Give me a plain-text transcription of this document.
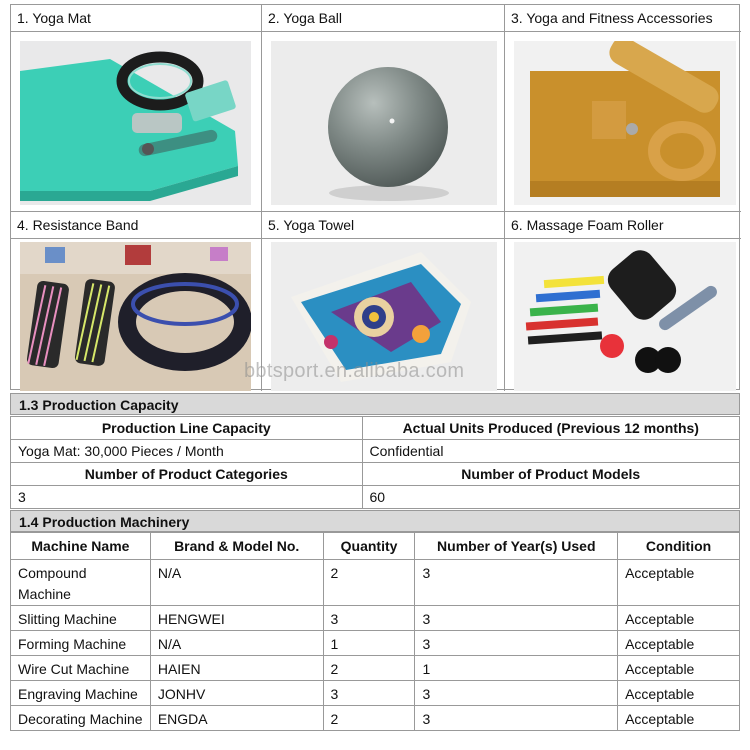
1. Yoga Mat	2. Yoga Ball	3. Yoga and Fitness Accessories
4. Resistance Band	5. Yoga Towel	6. Massage Foam Roller
bbtsport.en.alibaba.com
1.3 Production Capacity
Production Line Capacity	Actual Units Produced (Previous 12 months)
Yoga Mat: 30,000 Pieces / Month	Confidential
Number of Product Categories	Number of Product Models
3	60
1.4 Production Machinery
Machine Name	Brand & Model No.	Quantity	Number of Year(s) Used	Condition
Compound Machine	N/A	2	3	Acceptable
Slitting Machine	HENGWEI	3	3	Acceptable
Forming Machine	N/A	1	3	Acceptable
Wire Cut Machine	HAIEN	2	1	Acceptable
Engraving Machine	JONHV	3	3	Acceptable
Decorating Machine	ENGDA	2	3	Acceptable
